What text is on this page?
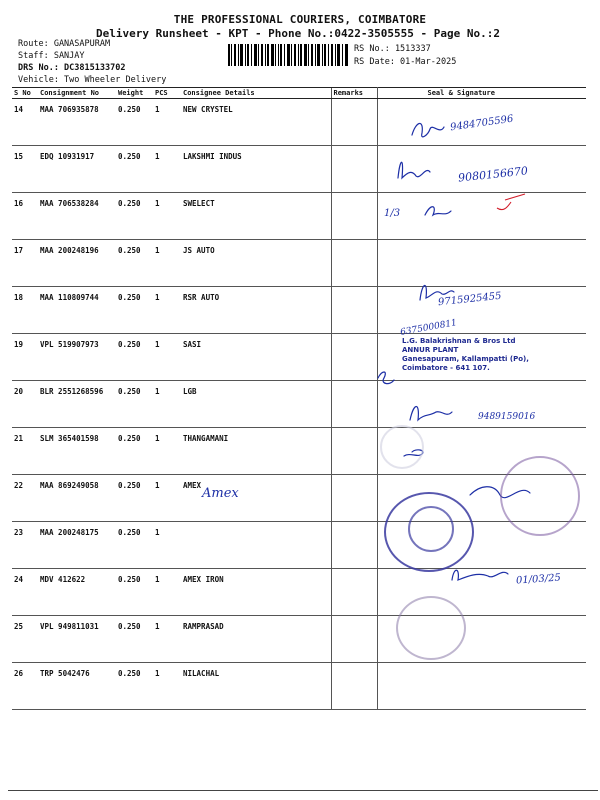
THE PROFESSIONAL COURIERS, COIMBATORE
Delivery Runsheet - KPT - Phone No.:0422-3505555 - Page No.:2
Route: GANASAPURAM
Staff: SANJAY
DRS No.: DC3815133702
Vehicle: Two Wheeler Delivery
RS No.: 1513337
RS Date: 01-Mar-2025
S No	Consignment No	Weight	PCS	Consignee Details	Remarks	Seal & Signature
14	MAA 706935878	0.250	1	NEW CRYSTEL		
15	EDQ 10931917	0.250	1	LAKSHMI INDUS		
16	MAA 706538284	0.250	1	SWELECT		
17	MAA 200248196	0.250	1	JS AUTO		
18	MAA 110809744	0.250	1	RSR AUTO		
19	VPL 519907973	0.250	1	SASI		
20	BLR 2551268596	0.250	1	LGB		
21	SLM 365401598	0.250	1	THANGAMANI		
22	MAA 869249058	0.250	1	AMEX		
23	MAA 200248175	0.250	1			
24	MDV 412622	0.250	1	AMEX IRON		
25	VPL 949811031	0.250	1	RAMPRASAD		
26	TRP 5042476	0.250	1	NILACHAL		
9484705596
9080156670
1/3
9715925455
6375000811
9489159016
Amex
01/03/25
L.G. Balakrishnan & Bros Ltd
ANNUR PLANT
Ganesapuram, Kallampatti (Po),
Coimbatore - 641 107.
